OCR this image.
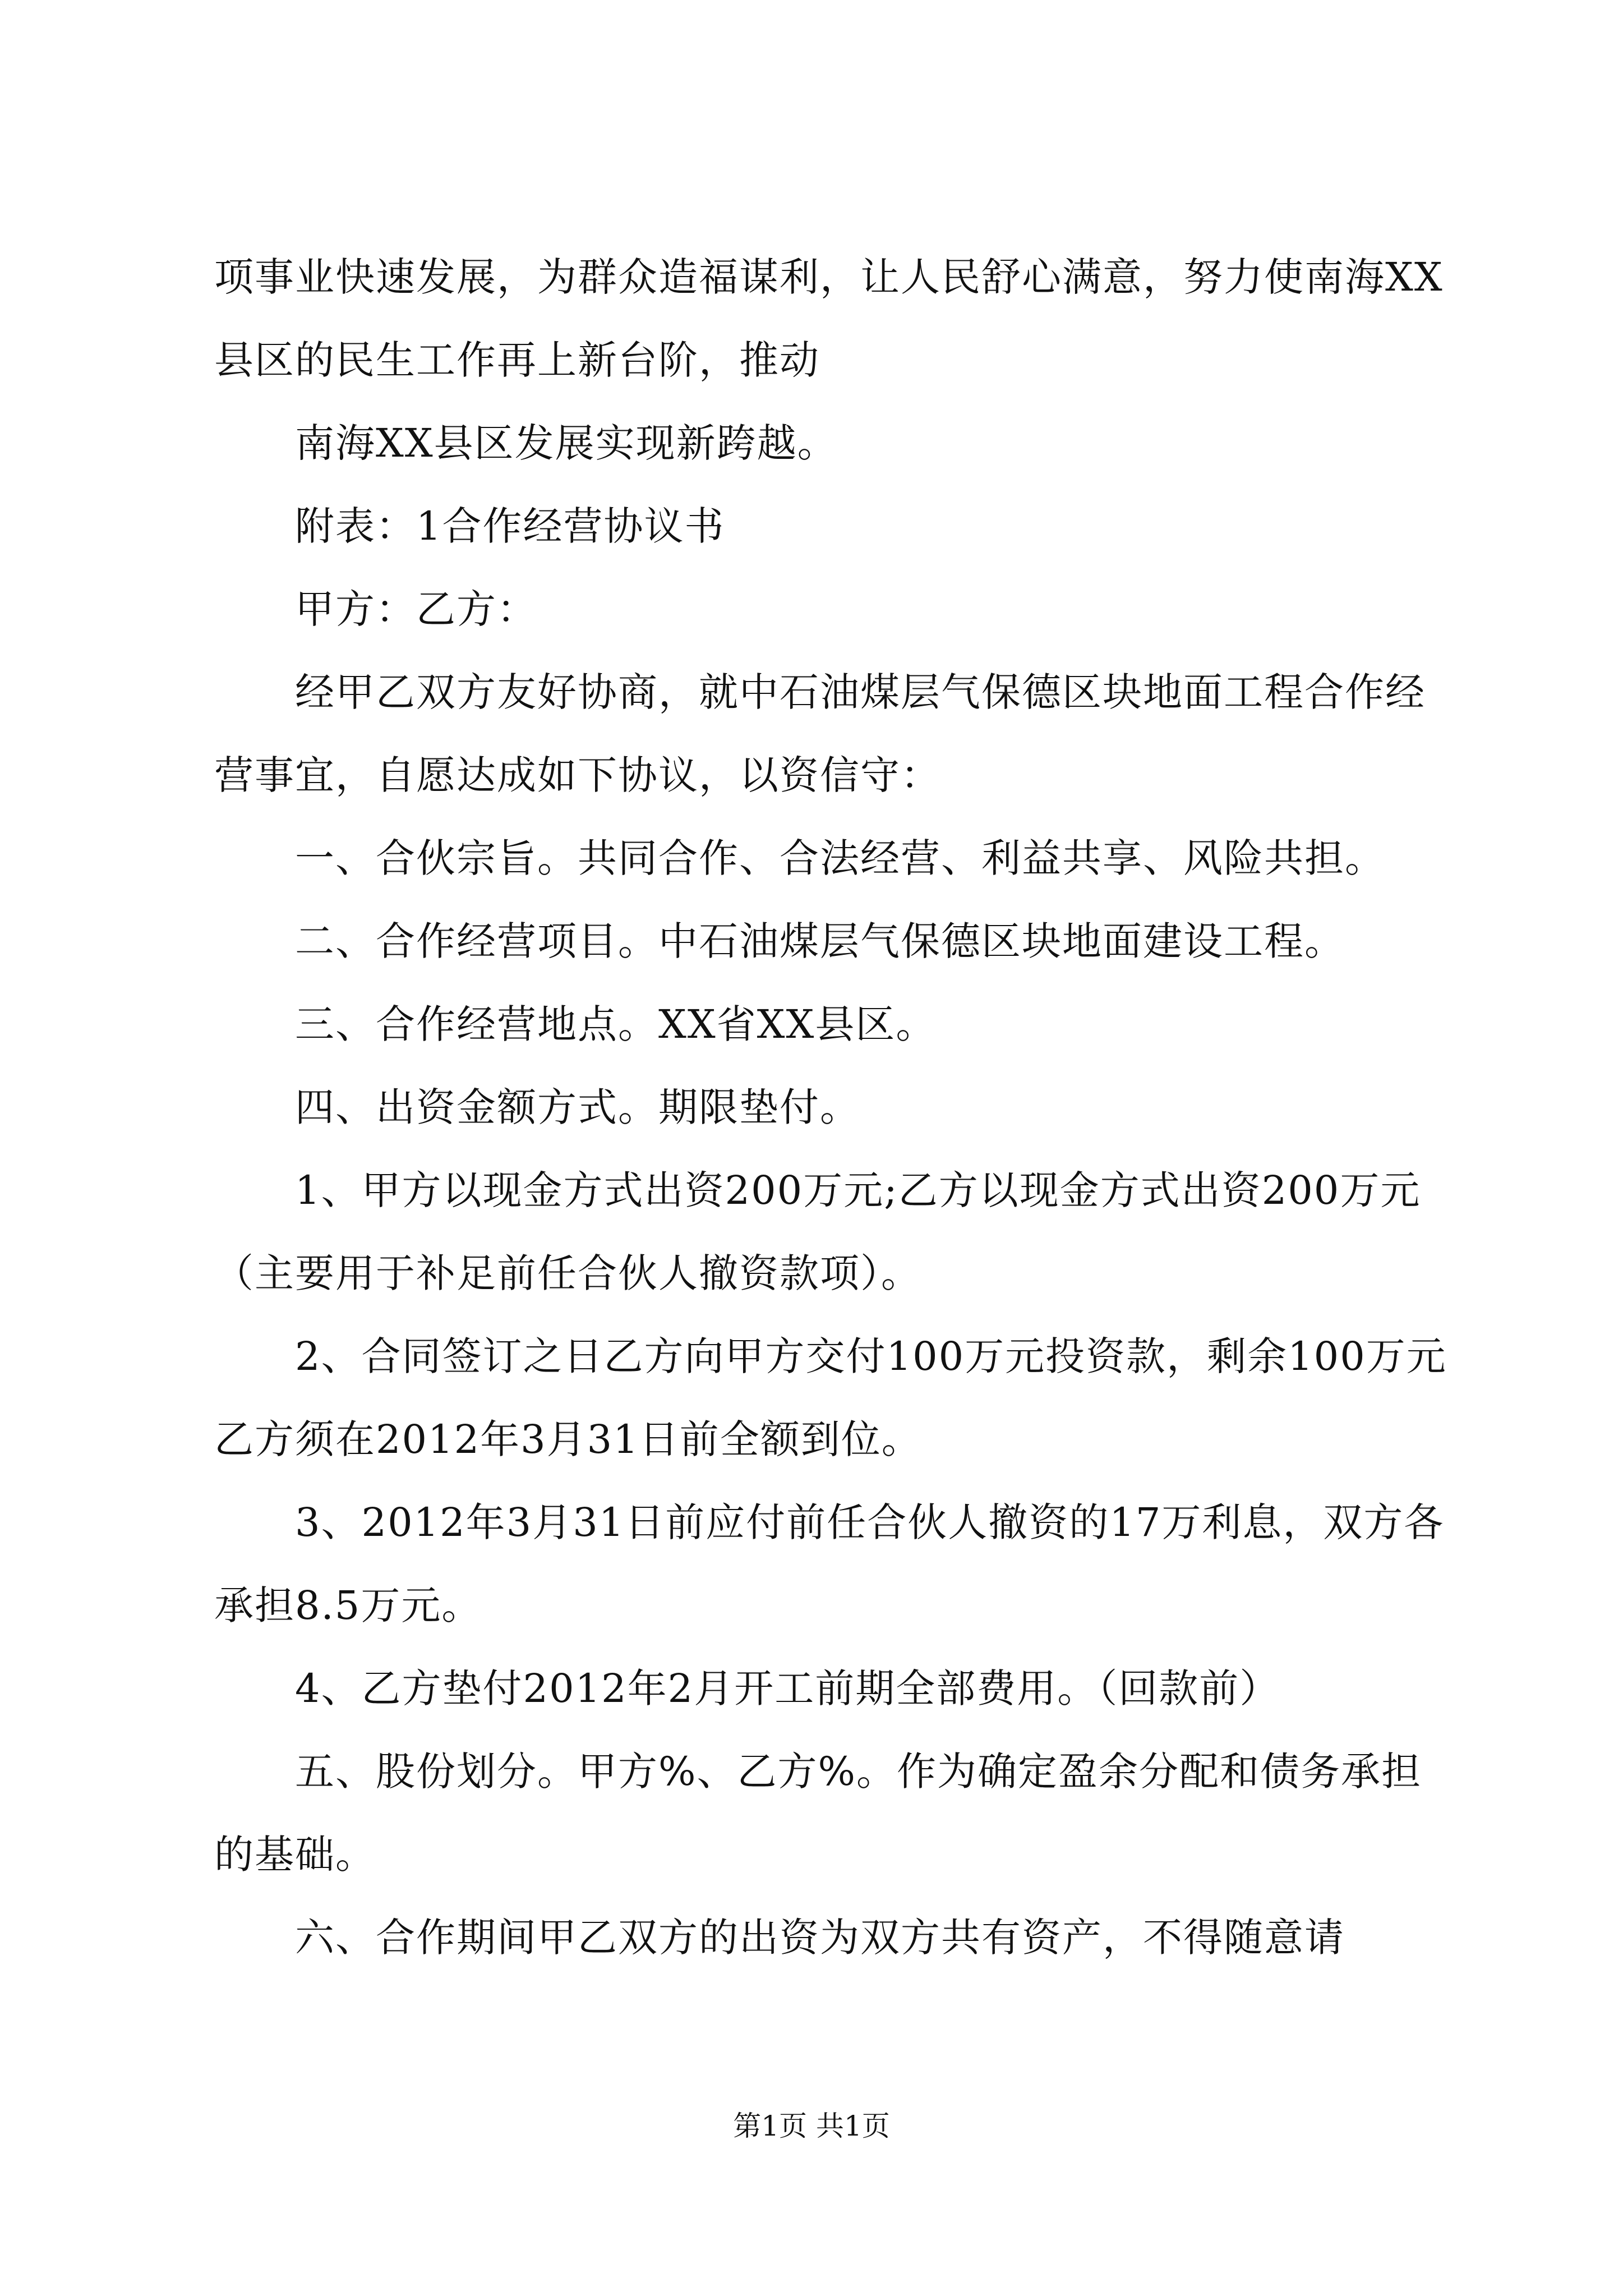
项事业快速发展，为群众造福谋利，让人民舒心满意，努力使南海XX县区的民生工作再上新台阶，推动

南海XX县区发展实现新跨越。

附表：1合作经营协议书

甲方：乙方：

经甲乙双方友好协商，就中石油煤层气保德区块地面工程合作经营事宜，自愿达成如下协议，以资信守：

一、合伙宗旨。共同合作、合法经营、利益共享、风险共担。

二、合作经营项目。中石油煤层气保德区块地面建设工程。

三、合作经营地点。XX省XX县区。

四、出资金额方式。期限垫付。

1、甲方以现金方式出资200万元;乙方以现金方式出资200万元（主要用于补足前任合伙人撤资款项）。

2、合同签订之日乙方向甲方交付100万元投资款，剩余100万元乙方须在2012年3月31日前全额到位。

3、2012年3月31日前应付前任合伙人撤资的17万利息，双方各承担8.5万元。

4、乙方垫付2012年2月开工前期全部费用。（回款前）

五、股份划分。甲方%、乙方%。作为确定盈余分配和债务承担的基础。

六、合作期间甲乙双方的出资为双方共有资产，不得随意请

第1页 共1页
